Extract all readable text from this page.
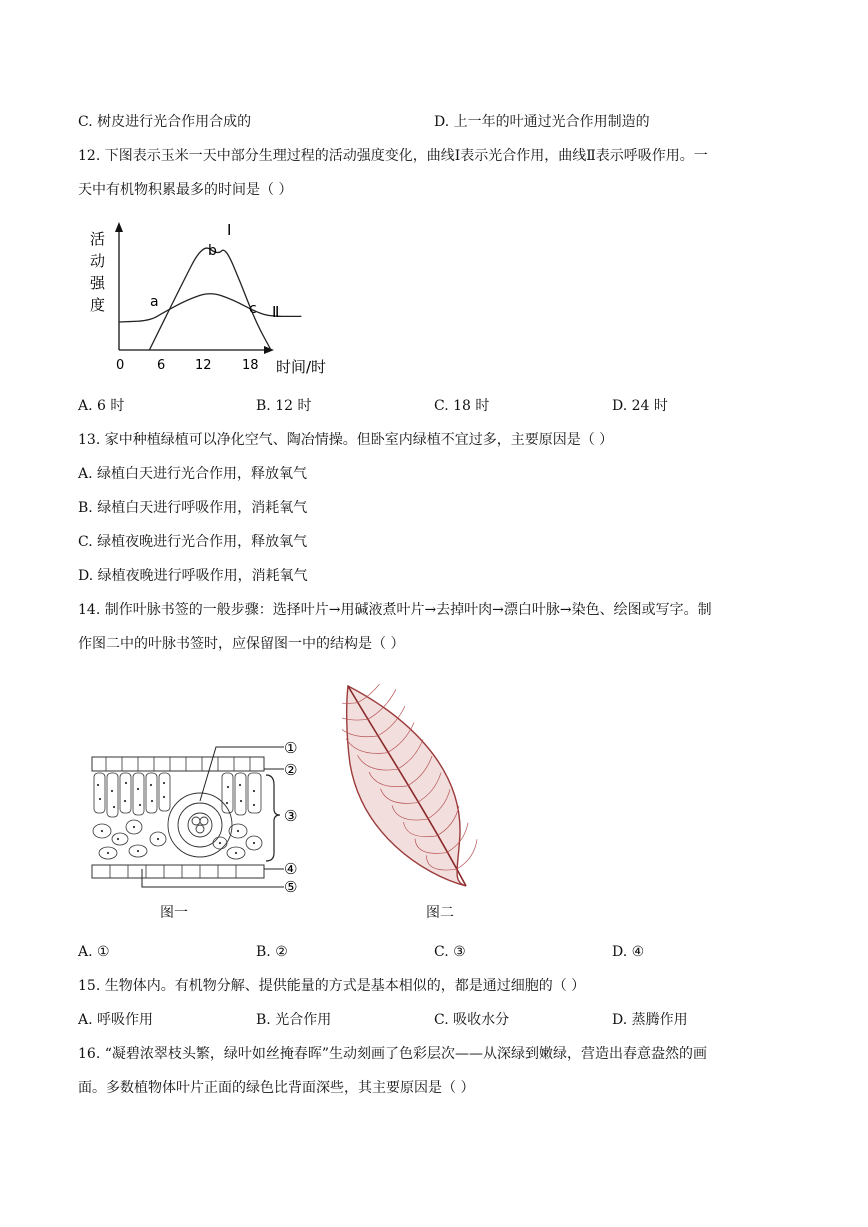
C. 树皮进行光合作用合成的	D. 上一年的叶通过光合作用制造的
12. 下图表示玉米一天中部分生理过程的活动强度变化，曲线Ⅰ表示光合作用，曲线Ⅱ表示呼吸作用。一
天中有机物积累最多的时间是（ ）
活
动
强
度
0	6 12 18 时间/时
a
b
c
Ⅰ
Ⅱ
A. 6 时	B. 12 时	C. 18 时	D. 24 时
13. 家中种植绿植可以净化空气、陶冶情操。但卧室内绿植不宜过多，主要原因是（ ）
A. 绿植白天进行光合作用，释放氧气
B. 绿植白天进行呼吸作用，消耗氧气
C. 绿植夜晚进行光合作用，释放氧气
D. 绿植夜晚进行呼吸作用，消耗氧气
14. 制作叶脉书签的一般步骤：选择叶片→用碱液煮叶片→去掉叶肉→漂白叶脉→染色、绘图或写字。制
作图二中的叶脉书签时，应保留图一中的结构是（ ）
①
②
③
④
⑤
图一	图二
A. ①	B. ②	C. ③	D. ④
15. 生物体内。有机物分解、提供能量的方式是基本相似的，都是通过细胞的（ ）
A. 呼吸作用	B. 光合作用	C. 吸收水分	D. 蒸腾作用
16. “凝碧浓翠枝头繁，绿叶如丝掩春晖”生动刻画了色彩层次——从深绿到嫩绿，营造出春意盎然的画
面。多数植物体叶片正面的绿色比背面深些，其主要原因是（ ）
